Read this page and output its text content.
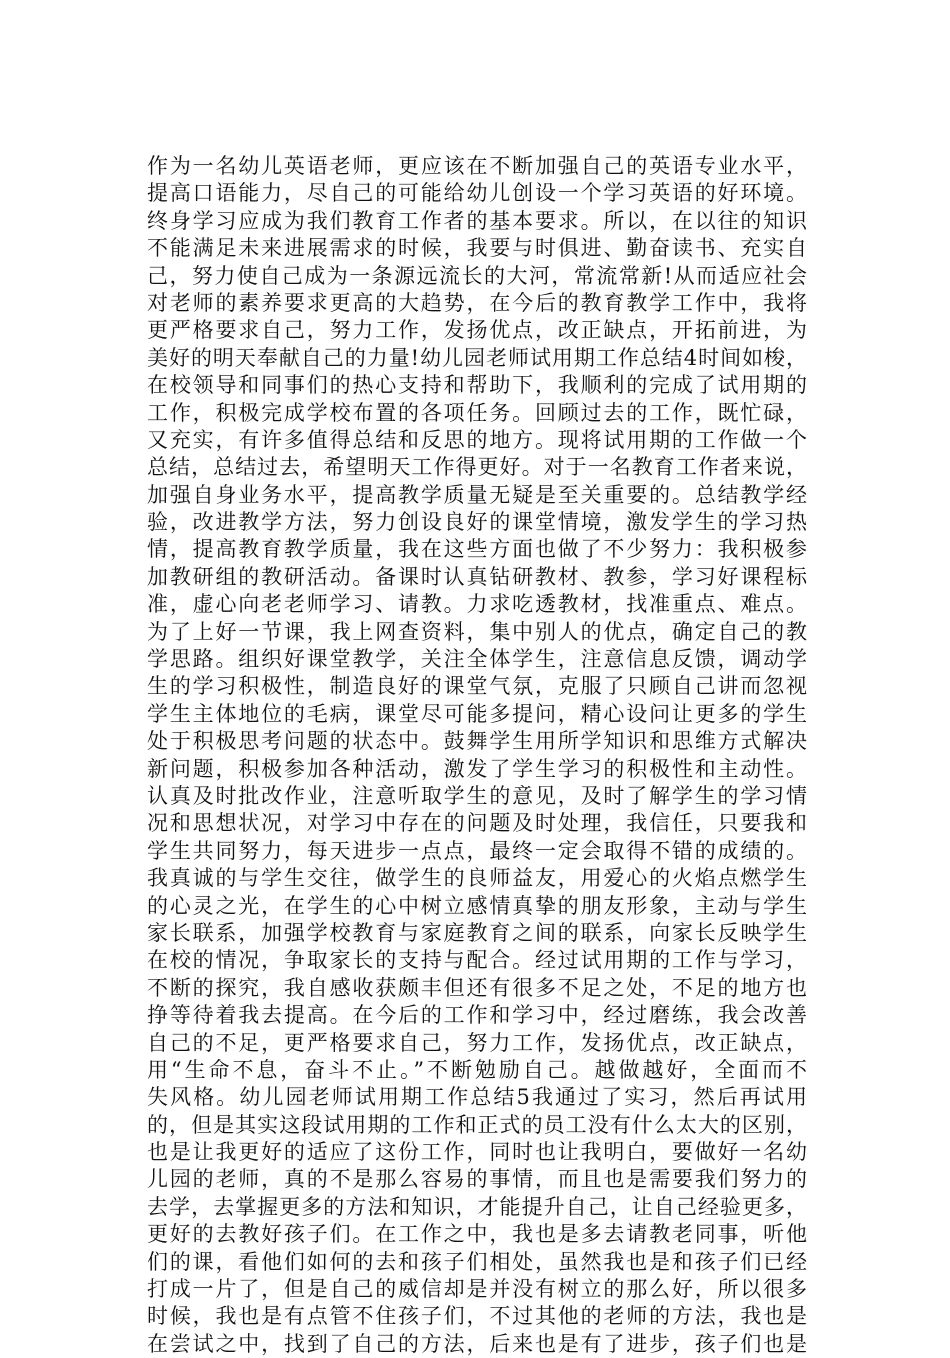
作为一名幼儿英语老师，更应该在不断加强自己的英语专业水平，
提高口语能力，尽自己的可能给幼儿创设一个学习英语的好环境。
终身学习应成为我们教育工作者的基本要求。所以，在以往的知识
不能满足未来进展需求的时候，我要与时俱进、勤奋读书、充实自
己，努力使自己成为一条源远流长的大河，常流常新!从而适应社会
对老师的素养要求更高的大趋势，在今后的教育教学工作中，我将
更严格要求自己，努力工作，发扬优点，改正缺点，开拓前进，为
美好的明天奉献自己的力量!幼儿园老师试用期工作总结4时间如梭，
在校领导和同事们的热心支持和帮助下，我顺利的完成了试用期的
工作，积极完成学校布置的各项任务。回顾过去的工作，既忙碌，
又充实，有许多值得总结和反思的地方。现将试用期的工作做一个
总结，总结过去，希望明天工作得更好。对于一名教育工作者来说，
加强自身业务水平，提高教学质量无疑是至关重要的。总结教学经
验，改进教学方法，努力创设良好的课堂情境，激发学生的学习热
情，提高教育教学质量，我在这些方面也做了不少努力：我积极参
加教研组的教研活动。备课时认真钻研教材、教参，学习好课程标
准，虚心向老老师学习、请教。力求吃透教材，找准重点、难点。
为了上好一节课，我上网查资料，集中别人的优点，确定自己的教
学思路。组织好课堂教学，关注全体学生，注意信息反馈，调动学
生的学习积极性，制造良好的课堂气氛，克服了只顾自己讲而忽视
学生主体地位的毛病，课堂尽可能多提问，精心设问让更多的学生
处于积极思考问题的状态中。鼓舞学生用所学知识和思维方式解决
新问题，积极参加各种活动，激发了学生学习的积极性和主动性。
认真及时批改作业，注意听取学生的意见，及时了解学生的学习情
况和思想状况，对学习中存在的问题及时处理，我信任，只要我和
学生共同努力，每天进步一点点，最终一定会取得不错的成绩的。
我真诚的与学生交往，做学生的良师益友，用爱心的火焰点燃学生
的心灵之光，在学生的心中树立感情真挚的朋友形象，主动与学生
家长联系，加强学校教育与家庭教育之间的联系，向家长反映学生
在校的情况，争取家长的支持与配合。经过试用期的工作与学习，
不断的探究，我自感收获颇丰但还有很多不足之处，不足的地方也
挣等待着我去提高。在今后的工作和学习中，经过磨练，我会改善
自己的不足，更严格要求自己，努力工作，发扬优点，改正缺点，
用“生命不息，奋斗不止。”不断勉励自己。越做越好，全面而不
失风格。幼儿园老师试用期工作总结5我通过了实习，然后再试用
的，但是其实这段试用期的工作和正式的员工没有什么太大的区别，
也是让我更好的适应了这份工作，同时也让我明白，要做好一名幼
儿园的老师，真的不是那么容易的事情，而且也是需要我们努力的
去学，去掌握更多的方法和知识，才能提升自己，让自己经验更多，
更好的去教好孩子们。在工作之中，我也是多去请教老同事，听他
们的课，看他们如何的去和孩子们相处，虽然我也是和孩子们已经
打成一片了，但是自己的威信却是并没有树立的那么好，所以很多
时候，我也是有点管不住孩子们，不过其他的老师的方法，我也是
在尝试之中，找到了自己的方法，后来也是有了进步，孩子们也是
